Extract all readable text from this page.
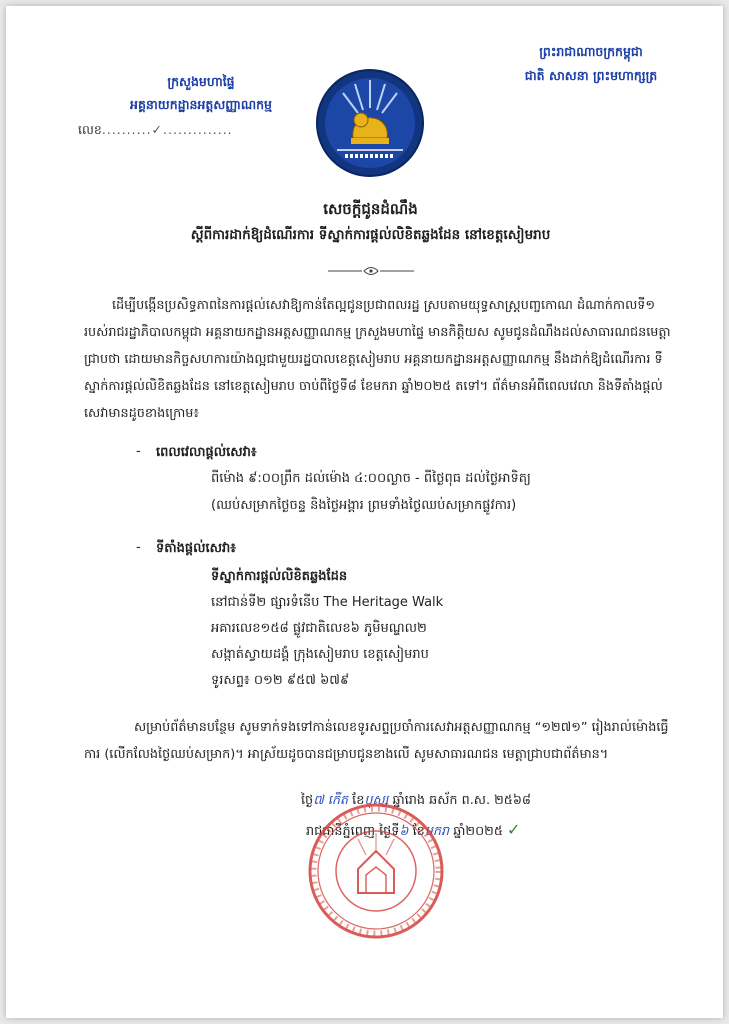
ក្រសួងមហាផ្ទៃ
អគ្គនាយកដ្ឋានអត្តសញ្ញាណកម្ម
លេខ..........✓..............
ព្រះរាជាណាចក្រកម្ពុជា
ជាតិ សាសនា ព្រះមហាក្សត្រ
សេចក្តីជូនដំណឹង
ស្តីពីការដាក់ឱ្យដំណើរការ ទីស្នាក់ការផ្តល់លិខិតឆ្លងដែន នៅខេត្តសៀមរាប
ដើម្បីបង្កើនប្រសិទ្ធភាពនៃការផ្តល់សេវាឱ្យកាន់តែល្អជូនប្រជាពលរដ្ឋ ស្របតាមយុទ្ធសាស្ត្របញ្ចកោណ ដំណាក់កាលទី១ របស់រាជរដ្ឋាភិបាលកម្ពុជា អគ្គនាយកដ្ឋានអត្តសញ្ញាណកម្ម ក្រសួងមហាផ្ទៃ មានកិត្តិយស សូមជូនដំណឹងដល់សាធារណជនមេត្តាជ្រាបថា ដោយមានកិច្ចសហការយ៉ាងល្អជាមួយរដ្ឋបាលខេត្តសៀមរាប អគ្គនាយកដ្ឋានអត្តសញ្ញាណកម្ម នឹងដាក់ឱ្យដំណើរការ ទីស្នាក់ការផ្តល់លិខិតឆ្លងដែន នៅខេត្តសៀមរាប ចាប់ពីថ្ងៃទី៨ ខែមករា ឆ្នាំ២០២៥ តទៅ។ ព័ត៌មានអំពីពេលវេលា និងទីតាំងផ្តល់សេវាមានដូចខាងក្រោម៖
- ពេលវេលាផ្តល់សេវា៖
ពីម៉ោង ៩:០០ព្រឹក ដល់ម៉ោង ៤:០០ល្ងាច - ពីថ្ងៃពុធ ដល់ថ្ងៃអាទិត្យ
(ឈប់សម្រាកថ្ងៃចន្ទ និងថ្ងៃអង្គារ ព្រមទាំងថ្ងៃឈប់សម្រាកផ្លូវការ)
- ទីតាំងផ្តល់សេវា៖
ទីស្នាក់ការផ្តល់លិខិតឆ្លងដែន
នៅជាន់ទី២ ផ្សារទំនើប The Heritage Walk
អគារលេខ១៥៨ ផ្លូវជាតិលេខ៦ ភូមិមណ្ឌល២
សង្កាត់ស្វាយដង្គំ ក្រុងសៀមរាប ខេត្តសៀមរាប
ទូរសព្ទ៖ ០១២ ៩៥៧ ៦៧៩
សម្រាប់ព័ត៌មានបន្ថែម សូមទាក់ទងទៅកាន់លេខទូរសព្ទប្រចាំការសេវាអត្តសញ្ញាណកម្ម “១២៧១” រៀងរាល់ម៉ោងធ្វើការ (លើកលែងថ្ងៃឈប់សម្រាក)។ អាស្រ័យដូចបានជម្រាបជូនខាងលើ សូមសាធារណជន មេត្តាជ្រាបជាព័ត៌មាន។
ថ្ងៃ៧ កើត ខែបុស្ស ឆ្នាំរោង ឆស័ក ព.ស. ២៥៦៨
រាជធានីភ្នំពេញ ថ្ងៃទី៦ ខែមករា ឆ្នាំ២០២៥ ✓
